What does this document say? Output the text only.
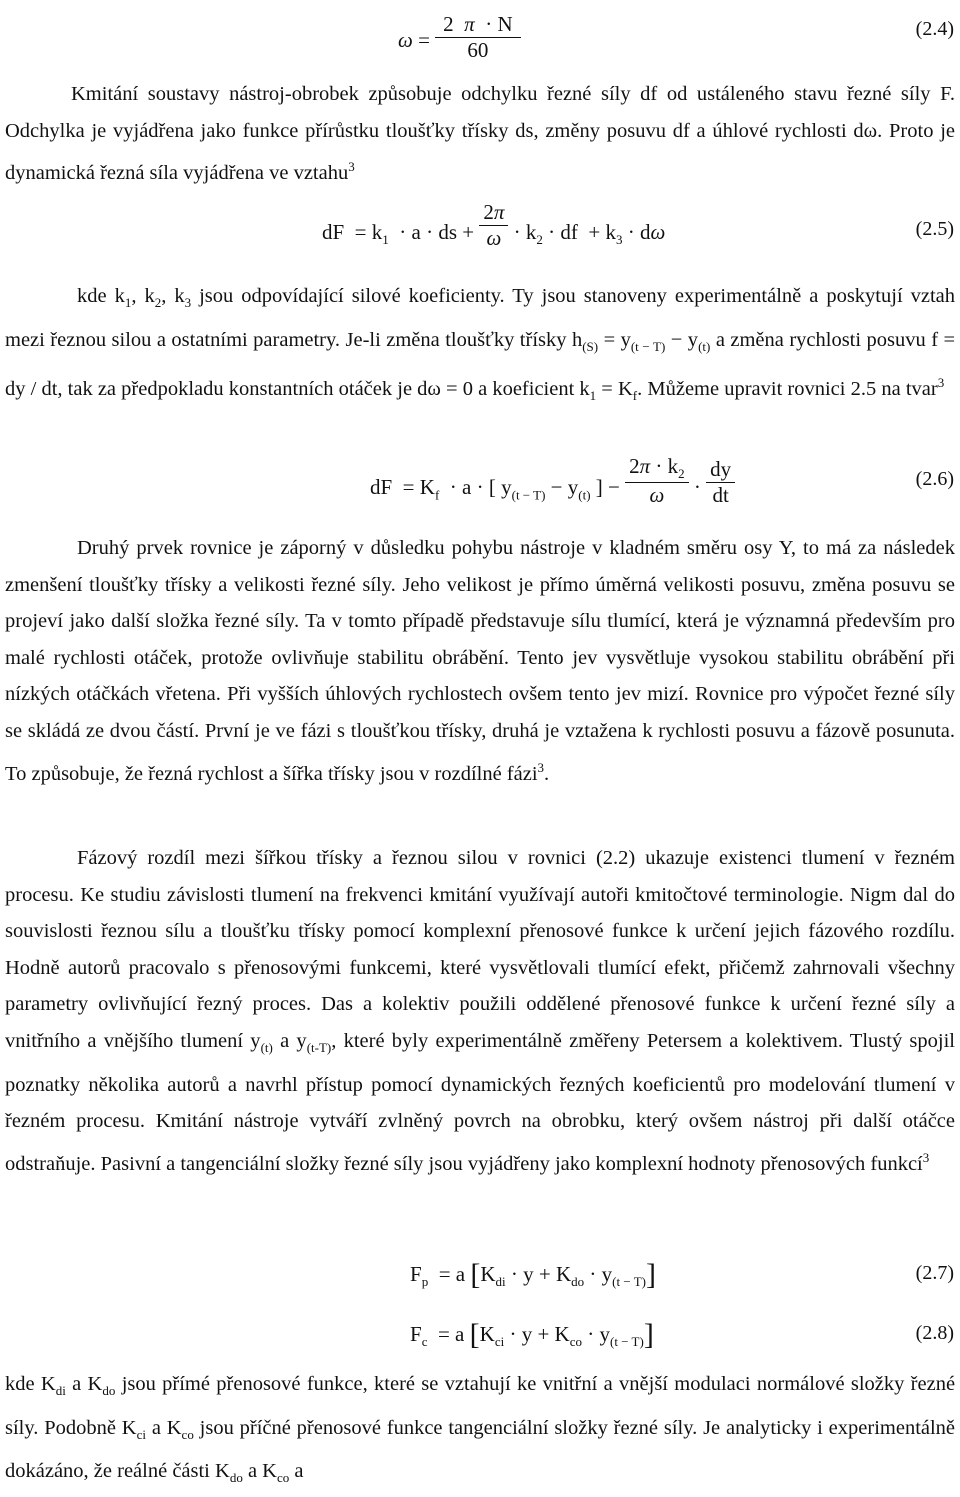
$\omega = \frac{2 \pi \cdot N}{60}$	(2.4)
Kmitání soustavy nástroj-obrobek způsobuje odchylku řezné síly df od ustáleného stavu řezné síly F. Odchylka je vyjádřena jako funkce přírůstku tloušťky třísky ds, změny posuvu df a úhlové rychlosti dω. Proto je dynamická řezná síla vyjádřena ve vztahu$^3$
dF  = $k_1 \cdot a$ · ds + $\frac{2\pi}{\omega} \cdot k_2$ · df  + $k_3 \cdot d\omega$	(2.5)
kde $k_1$, $k_2$, $k_3$ jsou odpovídající silové koeficienty. Ty jsou stanoveny experimentálně a poskytují vztah mezi řeznou silou a ostatními parametry. Je-li změna tloušťky třísky $h_{(S)} = y_{(t - T)} - y_{(t)}$ a změna rychlosti posuvu f = dy / dt, tak za předpokladu konstantních otáček je dω = 0 a koeficient $k_1 = K_f$. Můžeme upravit rovnici 2.5 na tvar$^3$
dF  = $K_f \cdot a$ · [ $y_{(t - T)} - y_{(t)}$ ] − $\frac{2\pi \cdot k_2}{\omega} \cdot \frac{dy}{dt}$	(2.6)
Druhý prvek rovnice je záporný v důsledku pohybu nástroje v kladném směru osy Y, to má za následek zmenšení tloušťky třísky a velikosti řezné síly. Jeho velikost je přímo úměrná velikosti posuvu, změna posuvu se projeví jako další složka řezné síly. Ta v tomto případě představuje sílu tlumící, která je významná především pro malé rychlosti otáček, protože ovlivňuje stabilitu obrábění. Tento jev vysvětluje vysokou stabilitu obrábění při nízkých otáčkách vřetena. Při vyšších úhlových rychlostech ovšem tento jev mizí. Rovnice pro výpočet řezné síly se skládá ze dvou částí. První je ve fázi s tloušťkou třísky, druhá je vztažena k rychlosti posuvu a fázově posunuta. To způsobuje, že řezná rychlost a šířka třísky jsou v rozdílné fázi$^3$.
Fázový rozdíl mezi šířkou třísky a řeznou silou v rovnici (2.2) ukazuje existenci tlumení v řezném procesu. Ke studiu závislosti tlumení na frekvenci kmitání využívají autoři kmitočtové terminologie. Nigm dal do souvislosti řeznou sílu a tloušťku třísky pomocí komplexní přenosové funkce k určení jejich fázového rozdílu. Hodně autorů pracovalo s přenosovými funkcemi, které vysvětlovali tlumící efekt, přičemž zahrnovali všechny parametry ovlivňující řezný proces. Das a kolektiv použili oddělené přenosové funkce k určení řezné síly a vnitřního a vnějšího tlumení $y_{(t)}$ a $y_{(t-T)}$, které byly experimentálně změřeny Petersem a kolektivem. Tlustý spojil poznatky několika autorů a navrhl přístup pomocí dynamických řezných koeficientů pro modelování tlumení v řezném procesu. Kmitání nástroje vytváří zvlněný povrch na obrobku, který ovšem nástroj při další otáčce odstraňuje. Pasivní a tangenciální složky řezné síly jsou vyjádřeny jako komplexní hodnoty přenosových funkcí$^3$
$F_p = a$ $[K_{di} \cdot y + K_{do} \cdot y_{(t - T)}]$	(2.7)
$F_c = a$ $[K_{ci} \cdot y + K_{co} \cdot y_{(t - T)}]$	(2.8)
kde $K_{di}$ a $K_{do}$ jsou přímé přenosové funkce, které se vztahují ke vnitřní a vnější modulaci normálové složky řezné síly. Podobně $K_{ci}$ a $K_{co}$ jsou příčné přenosové funkce tangenciální složky řezné síly. Je analyticky i experimentálně dokázáno, že reálné části $K_{do}$ a $K_{co}$ a
